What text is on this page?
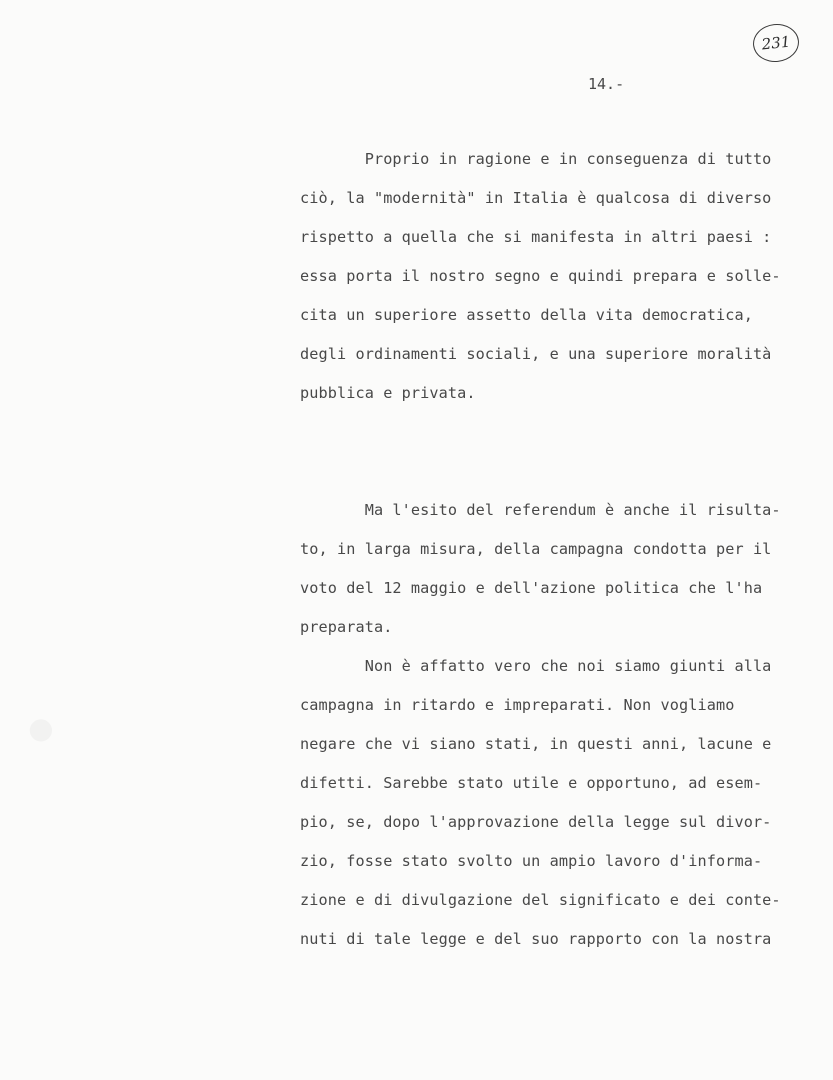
231
14.-
Proprio in ragione e in conseguenza di tutto
ciò, la "modernità" in Italia è qualcosa di diverso
rispetto a quella che si manifesta in altri paesi :
essa porta il nostro segno e quindi prepara e solle-
cita un superiore assetto della vita democratica,
degli ordinamenti sociali, e una superiore moralità
pubblica e privata.
Ma l'esito del referendum è anche il risulta-
to, in larga misura, della campagna condotta per il
voto del 12 maggio e dell'azione politica che l'ha
preparata.
Non è affatto vero che noi siamo giunti alla
campagna in ritardo e impreparati. Non vogliamo
negare che vi siano stati, in questi anni, lacune e
difetti. Sarebbe stato utile e opportuno, ad esem-
pio, se, dopo l'approvazione della legge sul divor-
zio, fosse stato svolto un ampio lavoro d'informa-
zione e di divulgazione del significato e dei conte-
nuti di tale legge e del suo rapporto con la nostra
